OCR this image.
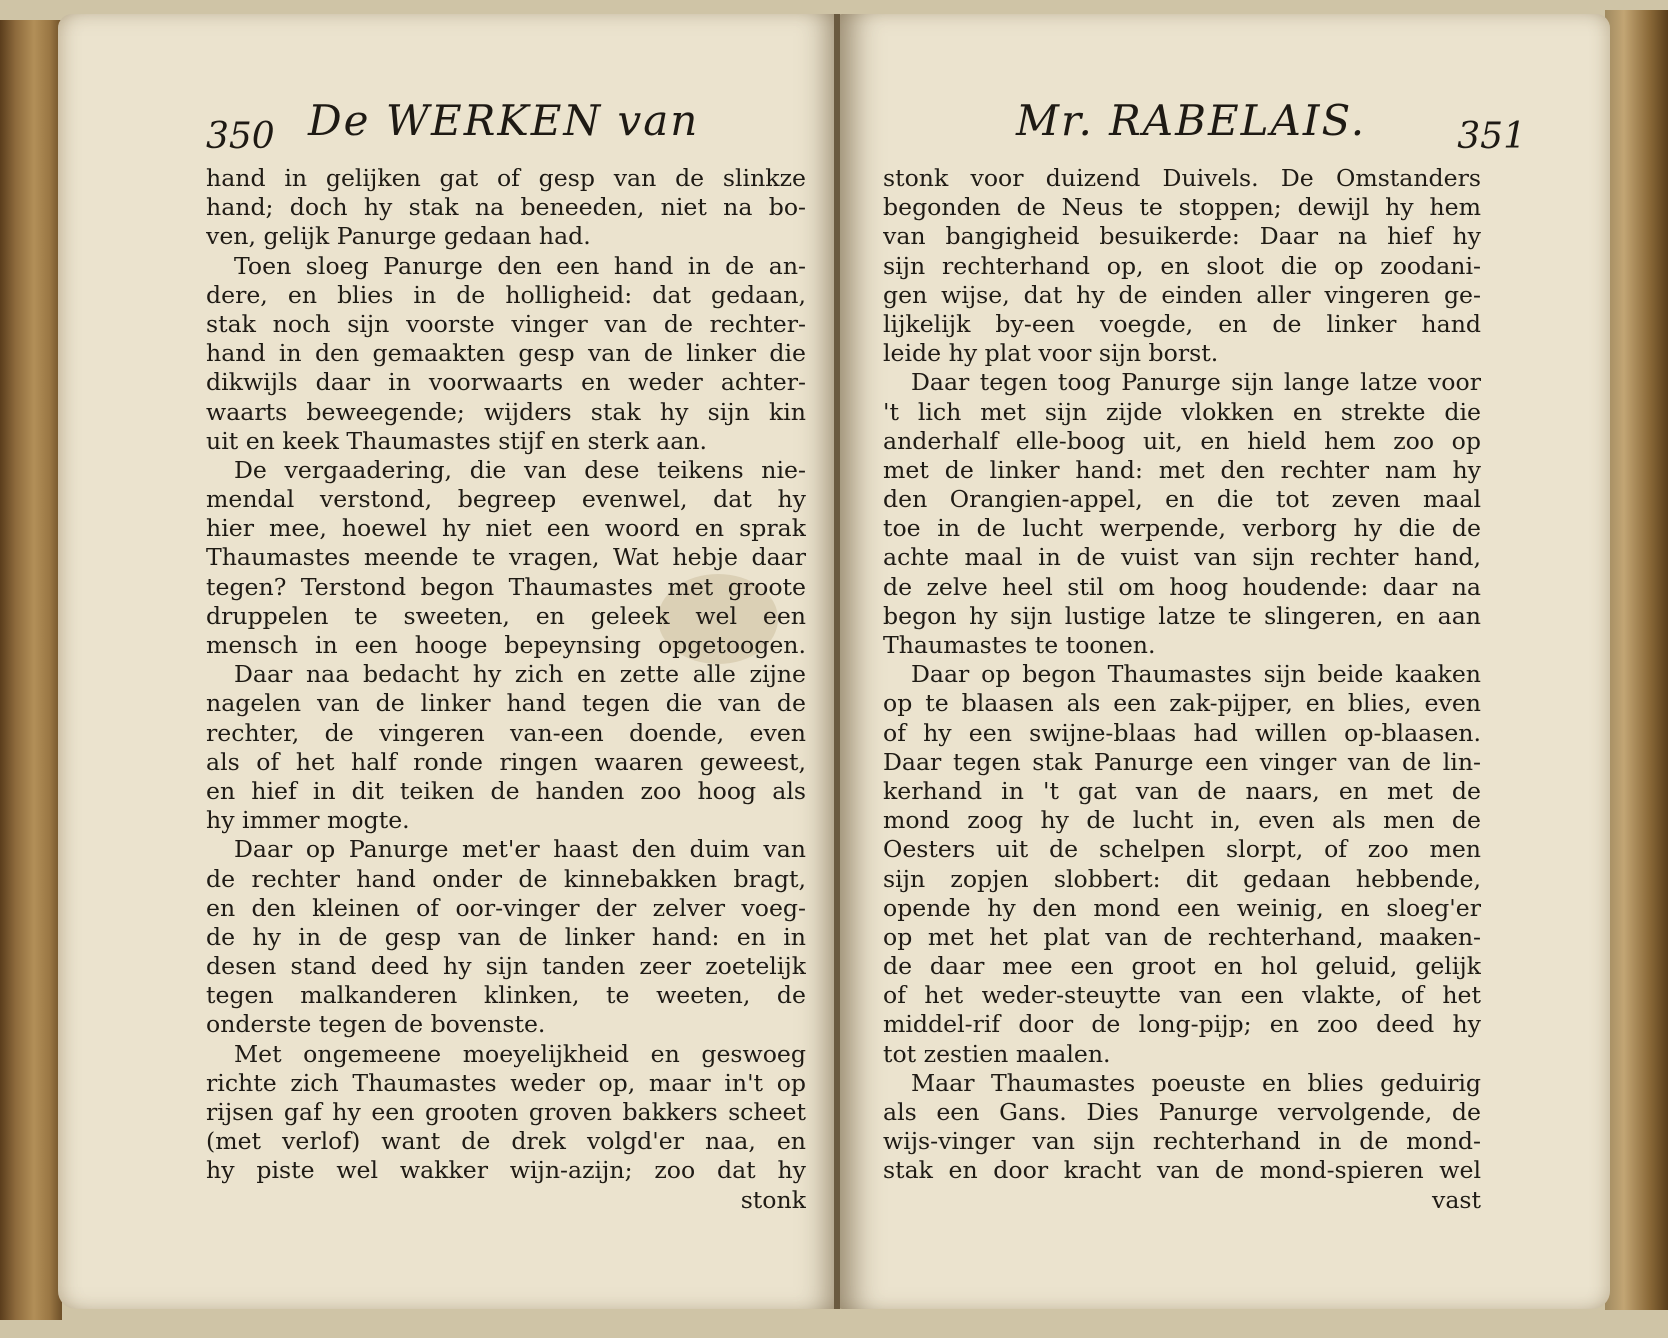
350 De WERKEN van
hand in gelijken gat of gesp van de slinkze
hand; doch hy stak na beneeden, niet na bo-
ven, gelijk Panurge gedaan had.
Toen sloeg Panurge den een hand in de an-
dere, en blies in de holligheid: dat gedaan,
stak noch sijn voorste vinger van de rechter-
hand in den gemaakten gesp van de linker die
dikwijls daar in voorwaarts en weder achter-
waarts beweegende; wijders stak hy sijn kin
uit en keek Thaumastes stijf en sterk aan.
De vergaadering, die van dese teikens nie-
mendal verstond, begreep evenwel, dat hy
hier mee, hoewel hy niet een woord en sprak
Thaumastes meende te vragen, Wat hebje daar
tegen? Terstond begon Thaumastes met groote
druppelen te sweeten, en geleek wel een
mensch in een hooge bepeynsing opgetoogen.
Daar naa bedacht hy zich en zette alle zijne
nagelen van de linker hand tegen die van de
rechter, de vingeren van-een doende, even
als of het half ronde ringen waaren geweest,
en hief in dit teiken de handen zoo hoog als
hy immer mogte.
Daar op Panurge met'er haast den duim van
de rechter hand onder de kinnebakken bragt,
en den kleinen of oor-vinger der zelver voeg-
de hy in de gesp van de linker hand: en in
desen stand deed hy sijn tanden zeer zoetelijk
tegen malkanderen klinken, te weeten, de
onderste tegen de bovenste.
Met ongemeene moeyelijkheid en geswoeg
richte zich Thaumastes weder op, maar in't op
rijsen gaf hy een grooten groven bakkers scheet
(met verlof) want de drek volgd'er naa, en
hy piste wel wakker wijn-azijn; zoo dat hy
stonk
Mr. RABELAIS.	351
stonk voor duizend Duivels. De Omstanders
begonden de Neus te stoppen; dewijl hy hem
van bangigheid besuikerde: Daar na hief hy
sijn rechterhand op, en sloot die op zoodani-
gen wijse, dat hy de einden aller vingeren ge-
lijkelijk by-een voegde, en de linker hand
leide hy plat voor sijn borst.
Daar tegen toog Panurge sijn lange latze voor
't lich met sijn zijde vlokken en strekte die
anderhalf elle-boog uit, en hield hem zoo op
met de linker hand: met den rechter nam hy
den Orangien-appel, en die tot zeven maal
toe in de lucht werpende, verborg hy die de
achte maal in de vuist van sijn rechter hand,
de zelve heel stil om hoog houdende: daar na
begon hy sijn lustige latze te slingeren, en aan
Thaumastes te toonen.
Daar op begon Thaumastes sijn beide kaaken
op te blaasen als een zak-pijper, en blies, even
of hy een swijne-blaas had willen op-blaasen.
Daar tegen stak Panurge een vinger van de lin-
kerhand in 't gat van de naars, en met de
mond zoog hy de lucht in, even als men de
Oesters uit de schelpen slorpt, of zoo men
sijn zopjen slobbert: dit gedaan hebbende,
opende hy den mond een weinig, en sloeg'er
op met het plat van de rechterhand, maaken-
de daar mee een groot en hol geluid, gelijk
of het weder-steuytte van een vlakte, of het
middel-rif door de long-pijp; en zoo deed hy
tot zestien maalen.
Maar Thaumastes poeuste en blies geduirig
als een Gans. Dies Panurge vervolgende, de
wijs-vinger van sijn rechterhand in de mond-
stak en door kracht van de mond-spieren wel
vast
